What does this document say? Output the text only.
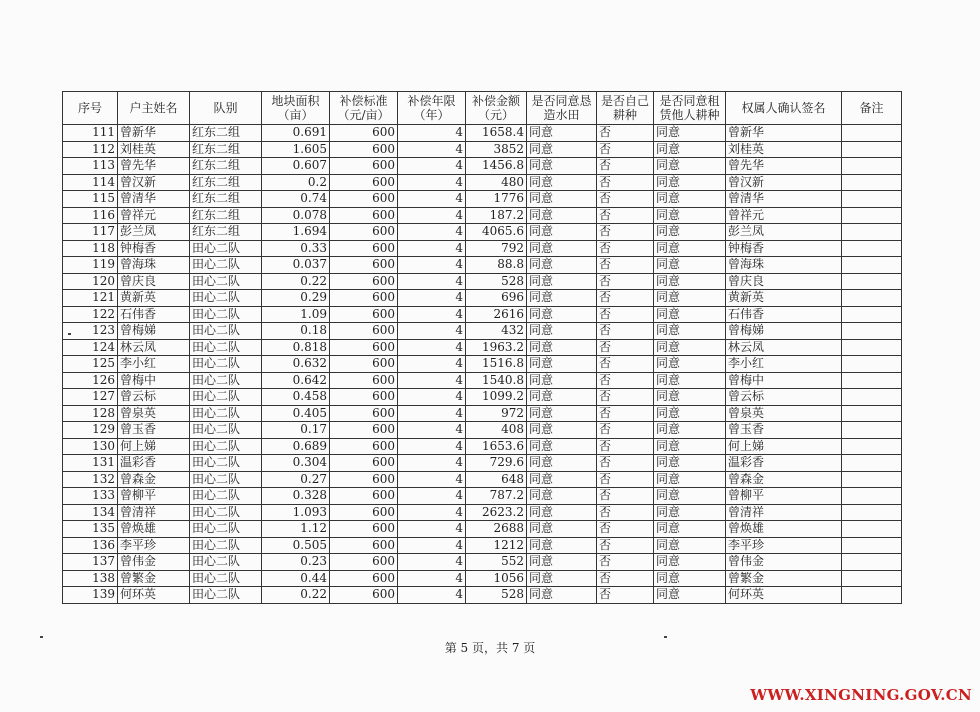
序号	户主姓名	队别	地块面积（亩）	补偿标准（元/亩）	补偿年限（年）	补偿金额（元）	是否同意恳造水田	是否自己耕种	是否同意租赁他人耕种	权属人确认签名	备注
111	曾新华	红东二组	0.691	600	4	1658.4	同意	否	同意	曾新华	
112	刘桂英	红东二组	1.605	600	4	3852	同意	否	同意	刘桂英	
113	曾先华	红东二组	0.607	600	4	1456.8	同意	否	同意	曾先华	
114	曾汉新	红东二组	0.2	600	4	480	同意	否	同意	曾汉新	
115	曾清华	红东二组	0.74	600	4	1776	同意	否	同意	曾清华	
116	曾祥元	红东二组	0.078	600	4	187.2	同意	否	同意	曾祥元	
117	彭兰凤	红东二组	1.694	600	4	4065.6	同意	否	同意	彭兰凤	
118	钟梅香	田心二队	0.33	600	4	792	同意	否	同意	钟梅香	
119	曾海珠	田心二队	0.037	600	4	88.8	同意	否	同意	曾海珠	
120	曾庆良	田心二队	0.22	600	4	528	同意	否	同意	曾庆良	
121	黄新英	田心二队	0.29	600	4	696	同意	否	同意	黄新英	
122	石伟香	田心二队	1.09	600	4	2616	同意	否	同意	石伟香	
123	曾梅娣	田心二队	0.18	600	4	432	同意	否	同意	曾梅娣	
124	林云凤	田心二队	0.818	600	4	1963.2	同意	否	同意	林云凤	
125	李小红	田心二队	0.632	600	4	1516.8	同意	否	同意	李小红	
126	曾梅中	田心二队	0.642	600	4	1540.8	同意	否	同意	曾梅中	
127	曾云标	田心二队	0.458	600	4	1099.2	同意	否	同意	曾云标	
128	曾泉英	田心二队	0.405	600	4	972	同意	否	同意	曾泉英	
129	曾玉香	田心二队	0.17	600	4	408	同意	否	同意	曾玉香	
130	何上娣	田心二队	0.689	600	4	1653.6	同意	否	同意	何上娣	
131	温彩香	田心二队	0.304	600	4	729.6	同意	否	同意	温彩香	
132	曾森金	田心二队	0.27	600	4	648	同意	否	同意	曾森金	
133	曾柳平	田心二队	0.328	600	4	787.2	同意	否	同意	曾柳平	
134	曾清祥	田心二队	1.093	600	4	2623.2	同意	否	同意	曾清祥	
135	曾焕雄	田心二队	1.12	600	4	2688	同意	否	同意	曾焕雄	
136	李平珍	田心二队	0.505	600	4	1212	同意	否	同意	李平珍	
137	曾伟金	田心二队	0.23	600	4	552	同意	否	同意	曾伟金	
138	曾繁金	田心二队	0.44	600	4	1056	同意	否	同意	曾繁金	
139	何环英	田心二队	0.22	600	4	528	同意	否	同意	何环英	
第 5 页，共 7 页
WWW.XINGNING.GOV.CN
